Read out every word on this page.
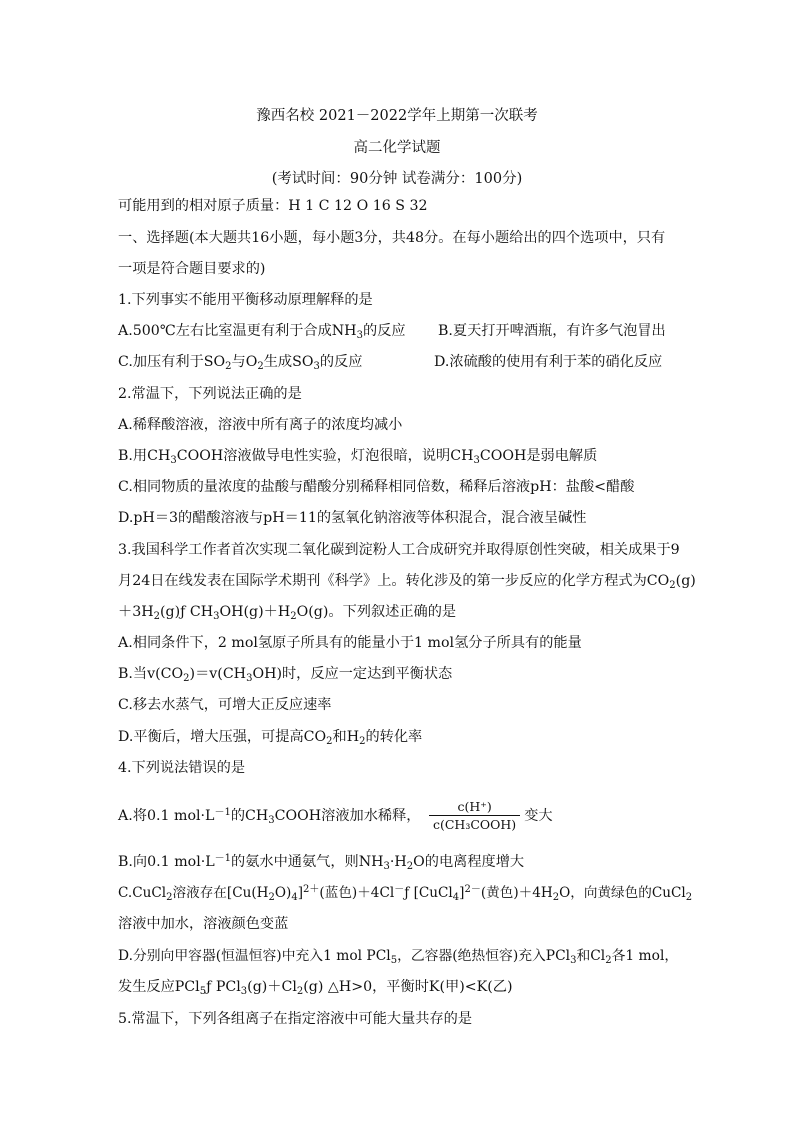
豫西名校 2021－2022学年上期第一次联考
高二化学试题
(考试时间：90分钟 试卷满分：100分)
可能用到的相对原子质量：H 1 C 12 O 16 S 32
一、选择题(本大题共16小题，每小题3分，共48分。在每小题给出的四个选项中，只有
一项是符合题目要求的)
1.下列事实不能用平衡移动原理解释的是
A.500℃左右比室温更有利于合成$NH_3$的反应 B.夏天打开啤酒瓶，有许多气泡冒出
C.加压有利于$SO_2$与$O_2$生成$SO_3$的反应	D.浓硫酸的使用有利于苯的硝化反应
2.常温下，下列说法正确的是
A.稀释酸溶液，溶液中所有离子的浓度均减小
B.用$CH_3COOH$溶液做导电性实验，灯泡很暗，说明$CH_3COOH$是弱电解质
C.相同物质的量浓度的盐酸与醋酸分别稀释相同倍数，稀释后溶液pH：盐酸<醋酸
D.pH＝3的醋酸溶液与pH＝11的氢氧化钠溶液等体积混合，混合液呈碱性
3.我国科学工作者首次实现二氧化碳到淀粉人工合成研究并取得原创性突破，相关成果于9
月24日在线发表在国际学术期刊《科学》上。转化涉及的第一步反应的化学方程式为$CO_2(g)$
$+3H_2(g)ƒ$ $CH_3OH(g)+H_2O(g)$。下列叙述正确的是
A.相同条件下，2 mol氢原子所具有的能量小于1 mol氢分子所具有的能量
B.当$v(CO_2)=v(CH_3OH)$时，反应一定达到平衡状态
C.移去水蒸气，可增大正反应速率
D.平衡后，增大压强，可提高$CO_2$和$H_2$的转化率
4.下列说法错误的是
A.将0.1 $mol\cdot L^{-1}$的$CH_3COOH$溶液加水稀释， $\frac{c(H^+)}{\text{c(CH₃COOH)}}$ 变大
B.向0.1 $mol\cdot L^{-1}$的氨水中通氨气，则$NH_3\cdot H_2O$的电离程度增大
C.CuCl$_2$溶液存在$[Cu(H_2O)_4]^{2+}$(蓝色)＋4Cl－ƒ [CuCl$_4$]$^{2-}$(黄色)$+4H_2O$，向黄绿色的CuCl$_2$
溶液中加水，溶液颜色变蓝
D.分别向甲容器(恒温恒容)中充入1 mol PCl$_5$，乙容器(绝热恒容)充入PCl$_3$和$Cl_2$各1 mol，
发生反应PCl$_5$ƒ $PCl_3(g)+Cl_2(g)$ △H>0，平衡时K(甲)<K(乙)
5.常温下，下列各组离子在指定溶液中可能大量共存的是
